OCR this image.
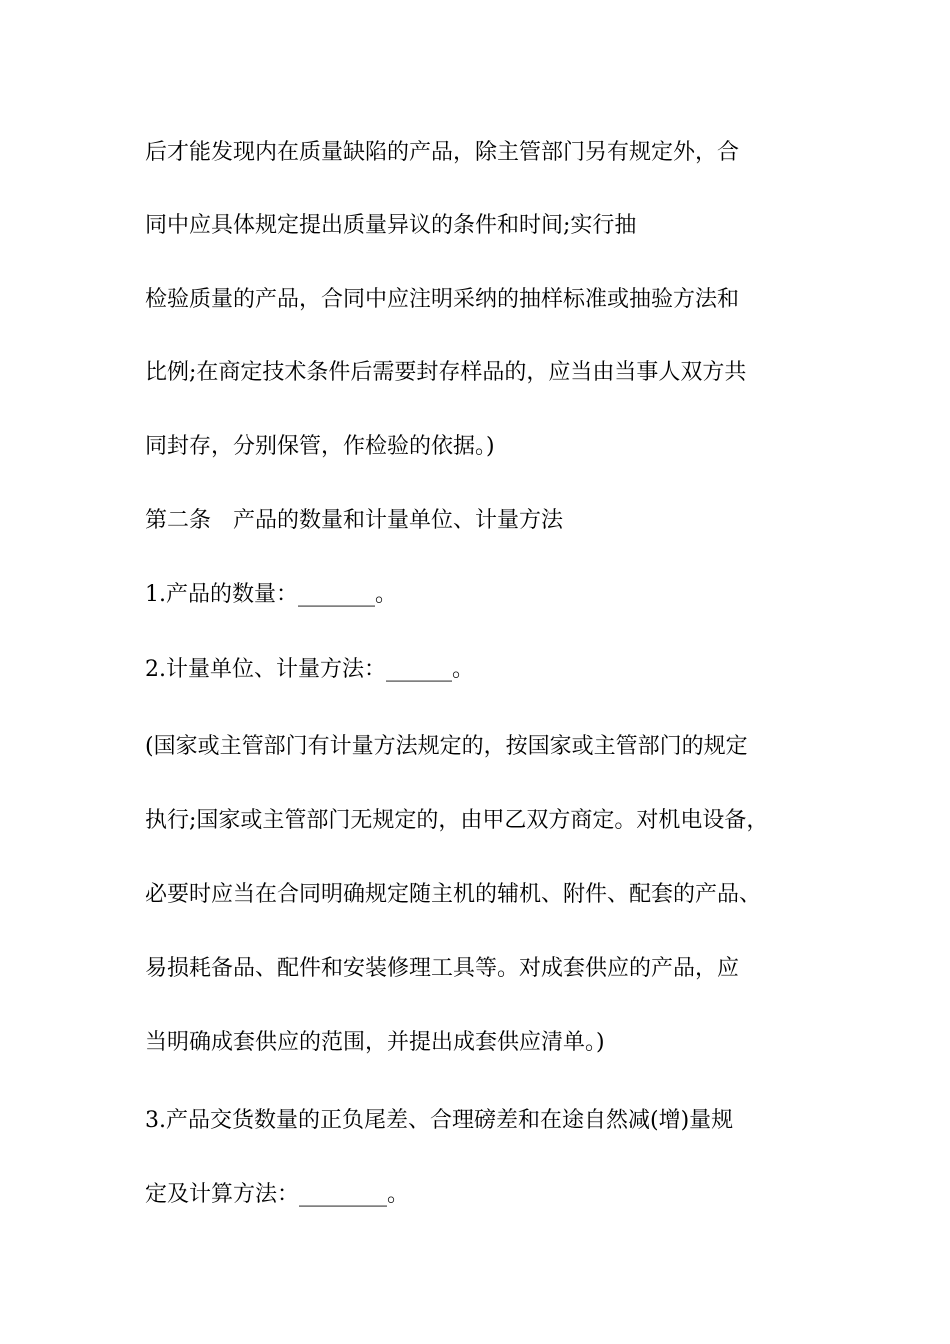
后才能发现内在质量缺陷的产品，除主管部门另有规定外，合
同中应具体规定提出质量异议的条件和时间;实行抽
检验质量的产品，合同中应注明采纳的抽样标准或抽验方法和
比例;在商定技术条件后需要封存样品的，应当由当事人双方共
同封存，分别保管，作检验的依据。)
第二条　产品的数量和计量单位、计量方法
1.产品的数量：_______。
2.计量单位、计量方法：______。
(国家或主管部门有计量方法规定的，按国家或主管部门的规定
执行;国家或主管部门无规定的，由甲乙双方商定。对机电设备，
必要时应当在合同明确规定随主机的辅机、附件、配套的产品、
易损耗备品、配件和安装修理工具等。对成套供应的产品，应
当明确成套供应的范围，并提出成套供应清单。)
3.产品交货数量的正负尾差、合理磅差和在途自然减(增)量规
定及计算方法：________。
